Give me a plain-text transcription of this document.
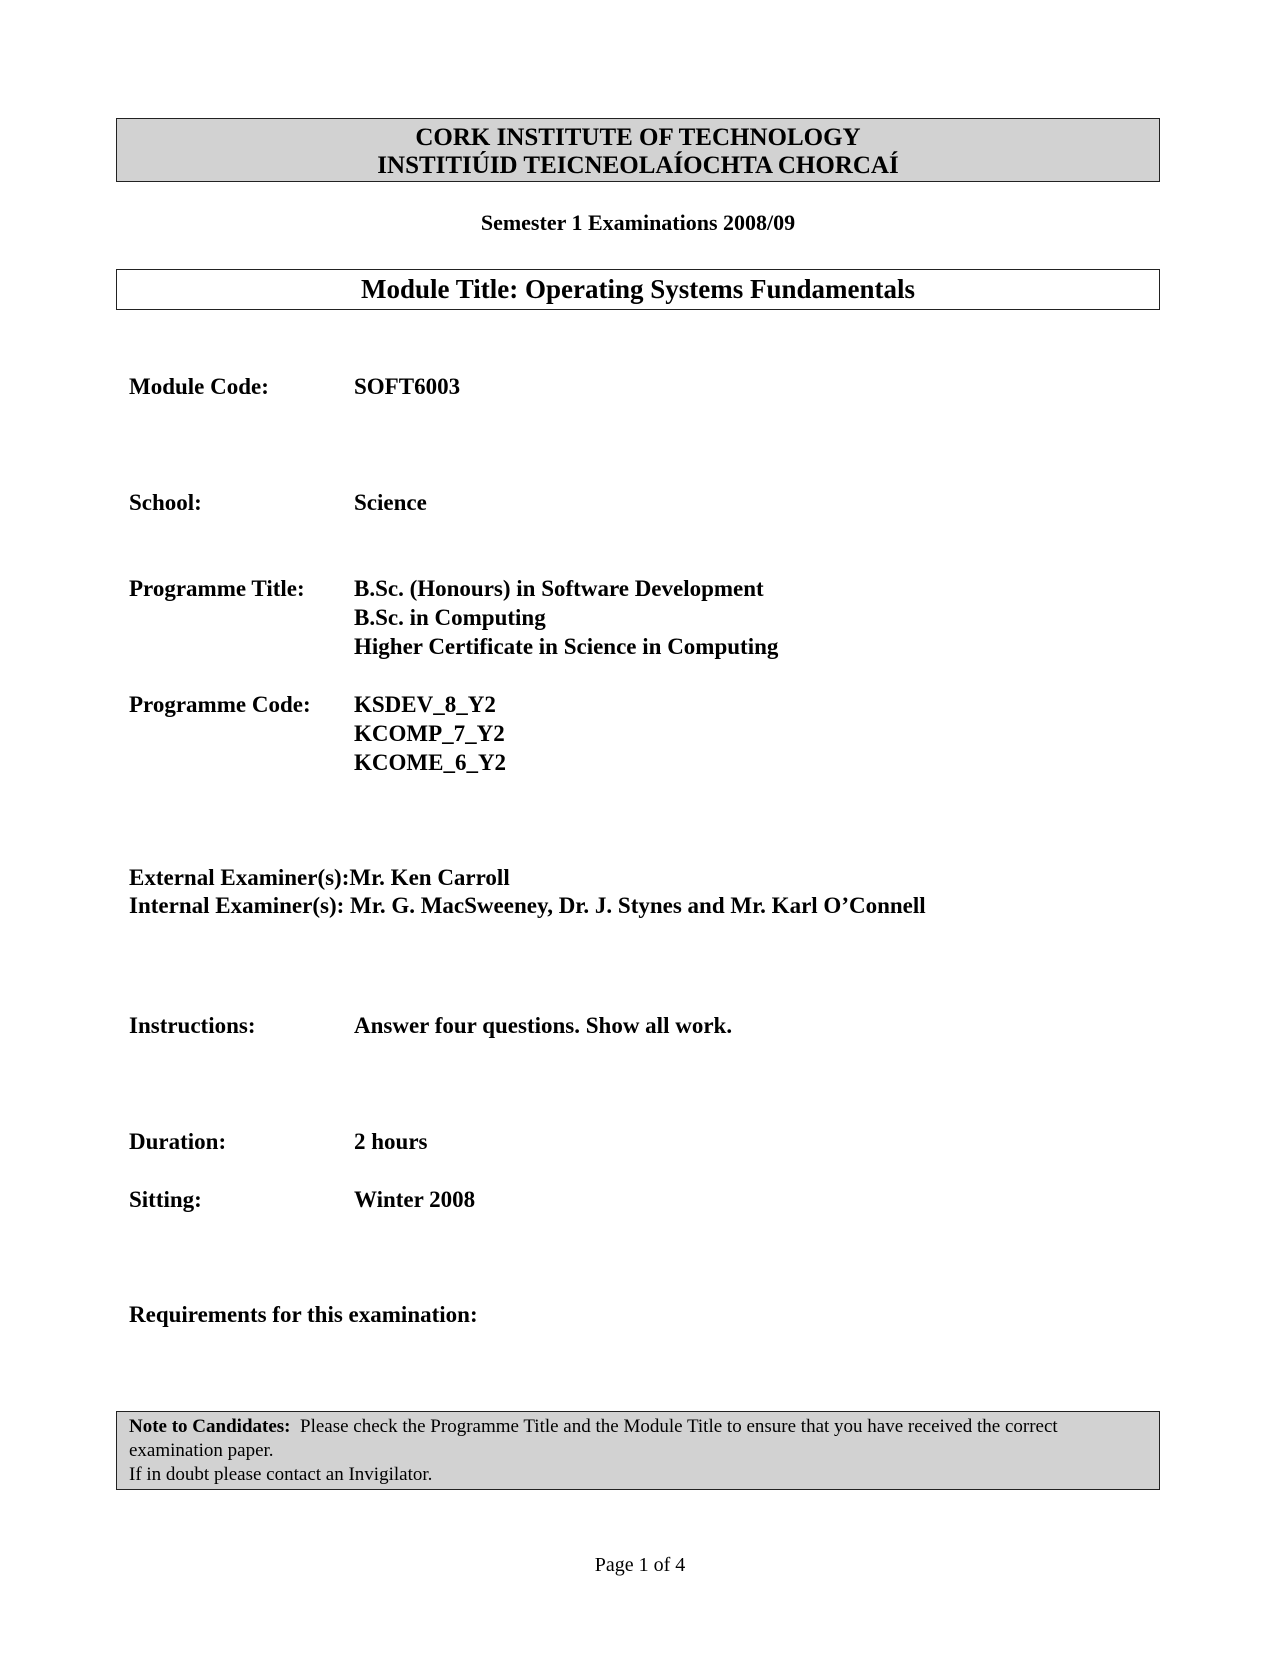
CORK INSTITUTE OF TECHNOLOGY
INSTITIÚID TEICNEOLAÍOCHTA CHORCAÍ
Semester 1 Examinations 2008/09
Module Title: Operating Systems Fundamentals
Module Code:	SOFT6003
School:	Science
Programme Title: B.Sc. (Honours) in Software Development
B.Sc. in Computing
Higher Certificate in Science in Computing
Programme Code: KSDEV_8_Y2
KCOMP_7_Y2
KCOME_6_Y2
External Examiner(s):Mr. Ken Carroll
Internal Examiner(s): Mr. G. MacSweeney, Dr. J. Stynes and Mr. Karl O’Connell
Instructions:	Answer four questions. Show all work.
Duration:	2 hours
Sitting:	Winter 2008
Requirements for this examination:
Note to Candidates: Please check the Programme Title and the Module Title to ensure that you have received the correct examination paper.
If in doubt please contact an Invigilator.
Page 1 of 4
